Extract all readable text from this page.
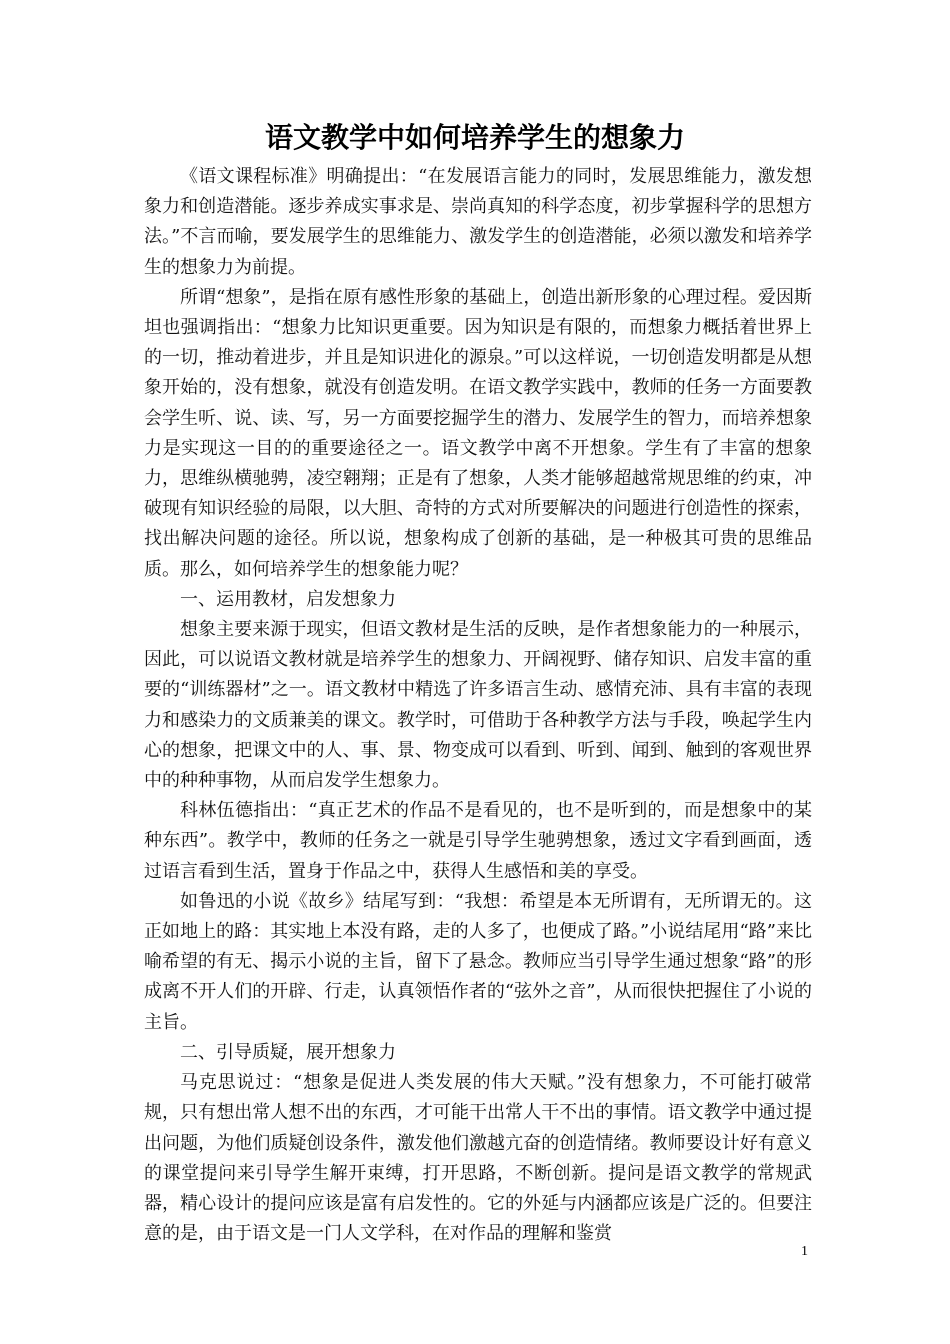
语文教学中如何培养学生的想象力

《语文课程标准》明确提出：“在发展语言能力的同时，发展思维能力，激发想象力和创造潜能。逐步养成实事求是、崇尚真知的科学态度，初步掌握科学的思想方法。”不言而喻，要发展学生的思维能力、激发学生的创造潜能，必须以激发和培养学生的想象力为前提。

所谓“想象”，是指在原有感性形象的基础上，创造出新形象的心理过程。爱因斯坦也强调指出：“想象力比知识更重要。因为知识是有限的，而想象力概括着世界上的一切，推动着进步，并且是知识进化的源泉。”可以这样说，一切创造发明都是从想象开始的，没有想象，就没有创造发明。在语文教学实践中，教师的任务一方面要教会学生听、说、读、写，另一方面要挖掘学生的潜力、发展学生的智力，而培养想象力是实现这一目的的重要途径之一。语文教学中离不开想象。学生有了丰富的想象力，思维纵横驰骋，凌空翱翔；正是有了想象，人类才能够超越常规思维的约束，冲破现有知识经验的局限，以大胆、奇特的方式对所要解决的问题进行创造性的探索，找出解决问题的途径。所以说，想象构成了创新的基础，是一种极其可贵的思维品质。那么，如何培养学生的想象能力呢？

一、运用教材，启发想象力

想象主要来源于现实，但语文教材是生活的反映，是作者想象能力的一种展示，因此，可以说语文教材就是培养学生的想象力、开阔视野、储存知识、启发丰富的重要的“训练器材”之一。语文教材中精选了许多语言生动、感情充沛、具有丰富的表现力和感染力的文质兼美的课文。教学时，可借助于各种教学方法与手段，唤起学生内心的想象，把课文中的人、事、景、物变成可以看到、听到、闻到、触到的客观世界中的种种事物，从而启发学生想象力。

科林伍德指出：“真正艺术的作品不是看见的，也不是听到的，而是想象中的某种东西”。教学中，教师的任务之一就是引导学生驰骋想象，透过文字看到画面，透过语言看到生活，置身于作品之中，获得人生感悟和美的享受。

如鲁迅的小说《故乡》结尾写到：“我想：希望是本无所谓有，无所谓无的。这正如地上的路：其实地上本没有路，走的人多了，也便成了路。”小说结尾用“路”来比喻希望的有无、揭示小说的主旨，留下了悬念。教师应当引导学生通过想象“路”的形成离不开人们的开辟、行走，认真领悟作者的“弦外之音”，从而很快把握住了小说的主旨。

二、引导质疑，展开想象力

马克思说过：“想象是促进人类发展的伟大天赋。”没有想象力，不可能打破常规，只有想出常人想不出的东西，才可能干出常人干不出的事情。语文教学中通过提出问题，为他们质疑创设条件，激发他们激越亢奋的创造情绪。教师要设计好有意义的课堂提问来引导学生解开束缚，打开思路，不断创新。提问是语文教学的常规武器，精心设计的提问应该是富有启发性的。它的外延与内涵都应该是广泛的。但要注意的是，由于语文是一门人文学科，在对作品的理解和鉴赏

1
